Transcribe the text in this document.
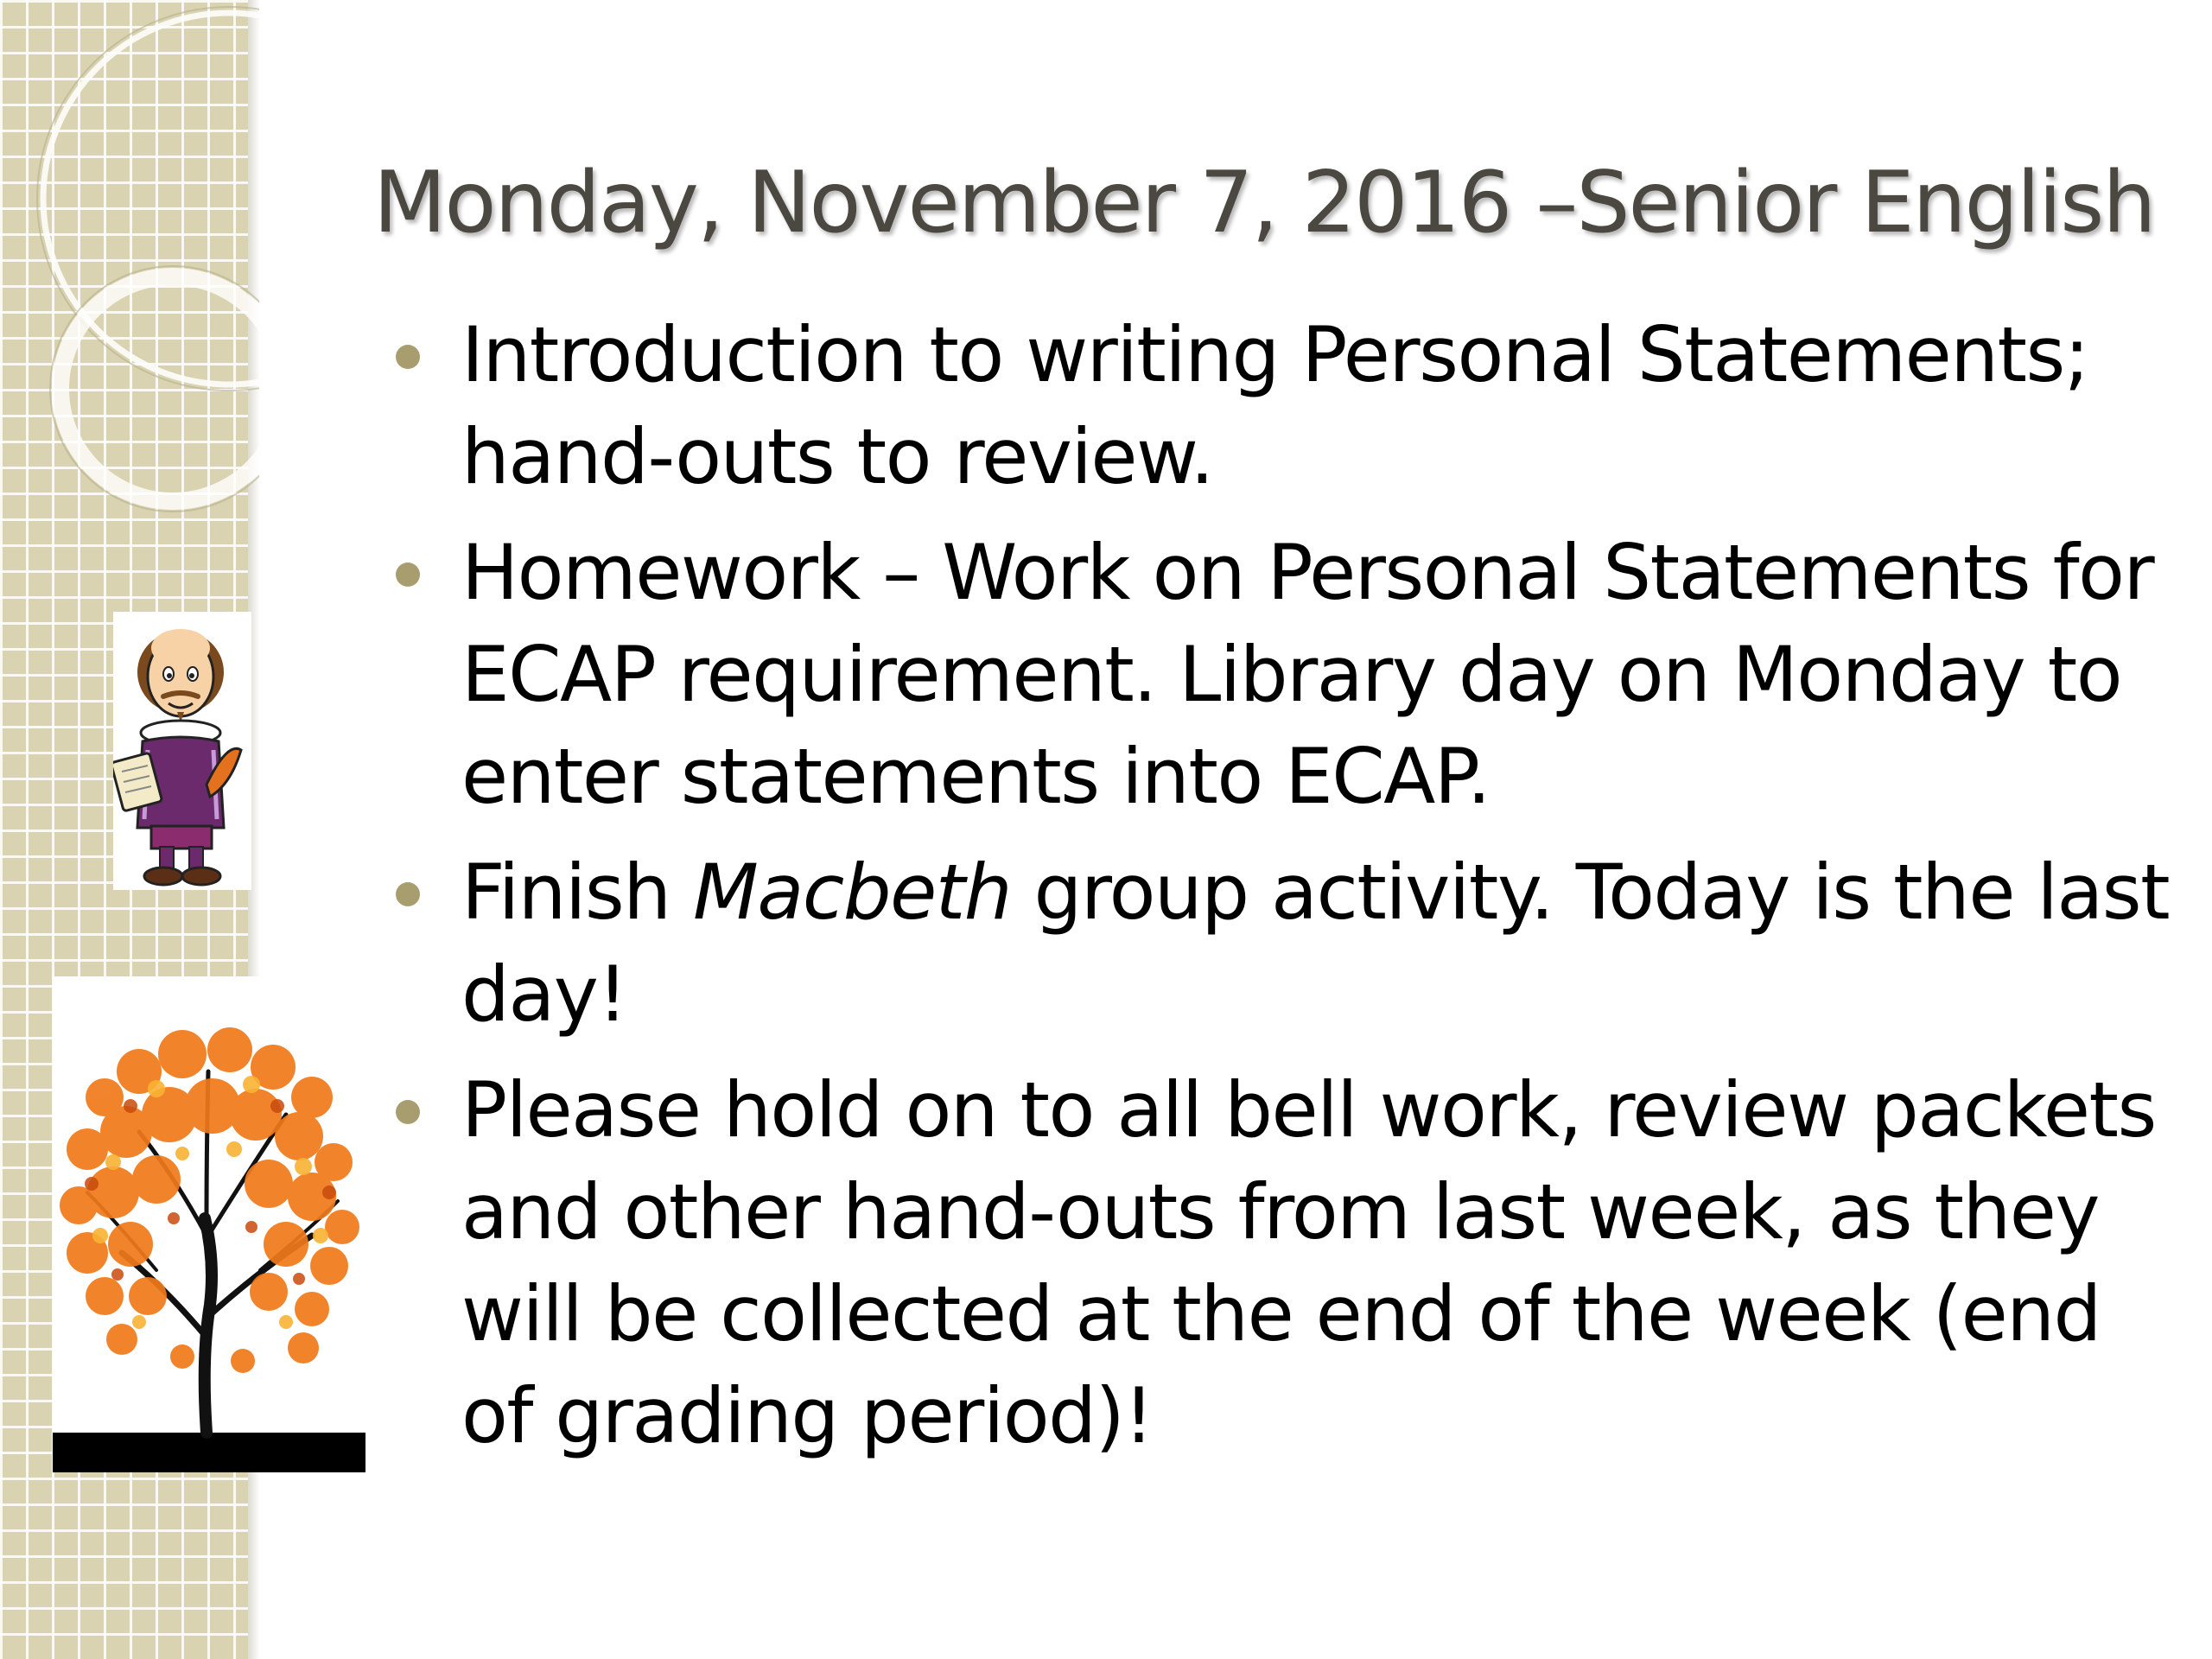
Monday, November 7, 2016 –Senior English
Introduction to writing Personal Statements; hand-outs to review.
Homework – Work on Personal Statements for ECAP requirement. Library day on Monday to enter statements into ECAP.
Finish Macbeth group activity. Today is the last day!
Please hold on to all bell work, review packets and other hand-outs from last week, as they will be collected at the end of the week (end of grading period)!
